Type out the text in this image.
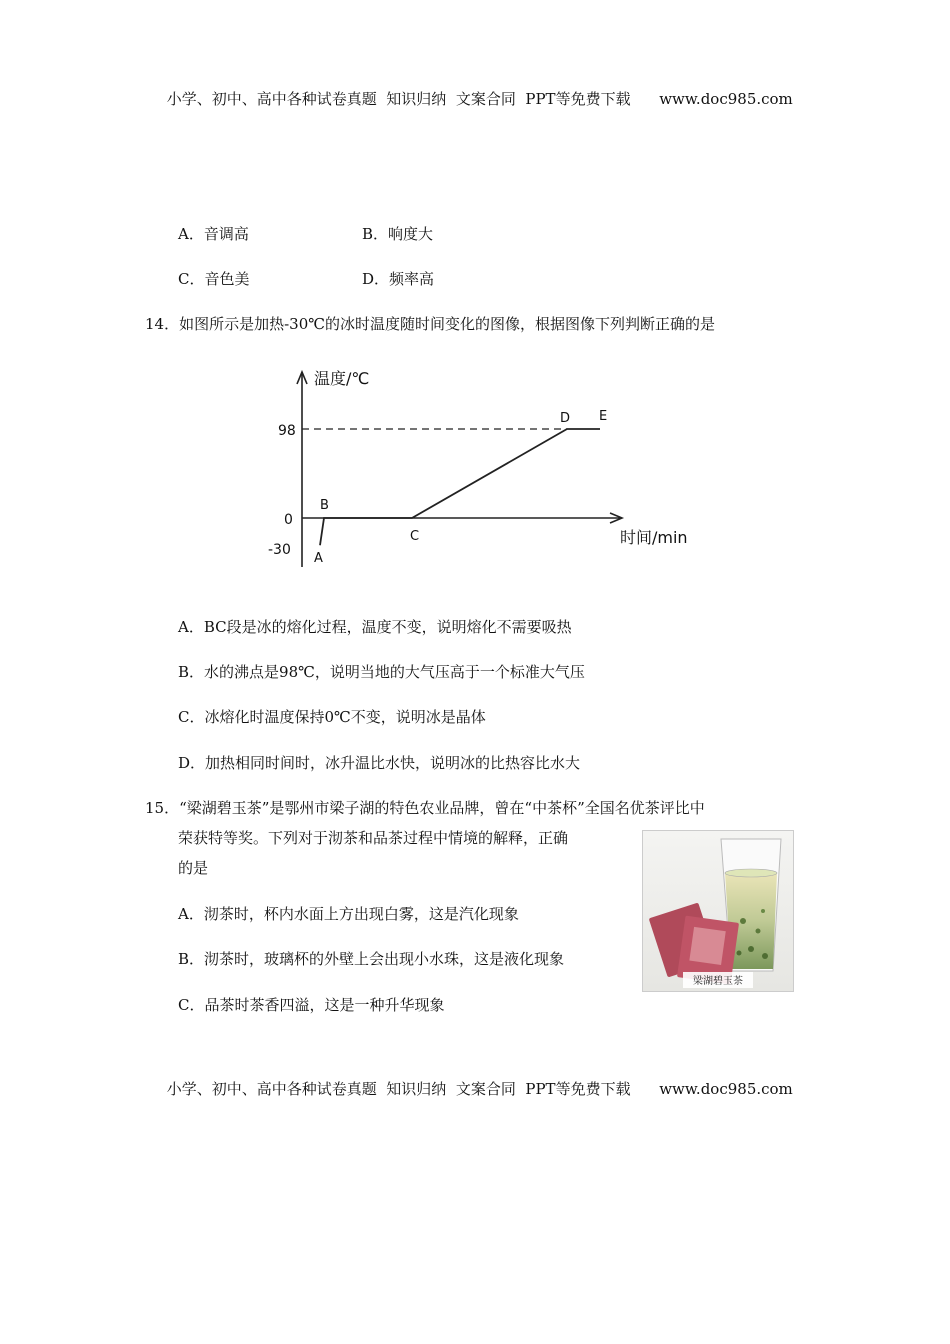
小学、初中、高中各种试卷真题  知识归纳  文案合同  PPT等免费下载 www.doc985.com

A．音调高	B．响度大
C．音色美	D．频率高
14．如图所示是加热-30℃的冰时温度随时间变化的图像，根据图像下列判断正确的是
温度/℃
时间/min
98
0
-30
A
B
C
D E
A．BC段是冰的熔化过程，温度不变，说明熔化不需要吸热
B．水的沸点是98℃，说明当地的大气压高于一个标准大气压
C．冰熔化时温度保持0℃不变，说明冰是晶体
D．加热相同时间时，冰升温比水快，说明冰的比热容比水大
15．“梁湖碧玉茶”是鄂州市梁子湖的特色农业品牌，曾在“中茶杯”全国名优茶评比中
荣获特等奖。下列对于沏茶和品茶过程中情境的解释，正确
的是
A．沏茶时，杯内水面上方出现白雾，这是汽化现象
B．沏茶时，玻璃杯的外壁上会出现小水珠，这是液化现象
C．品茶时茶香四溢，这是一种升华现象
梁湖碧玉茶

小学、初中、高中各种试卷真题  知识归纳  文案合同  PPT等免费下载 www.doc985.com
